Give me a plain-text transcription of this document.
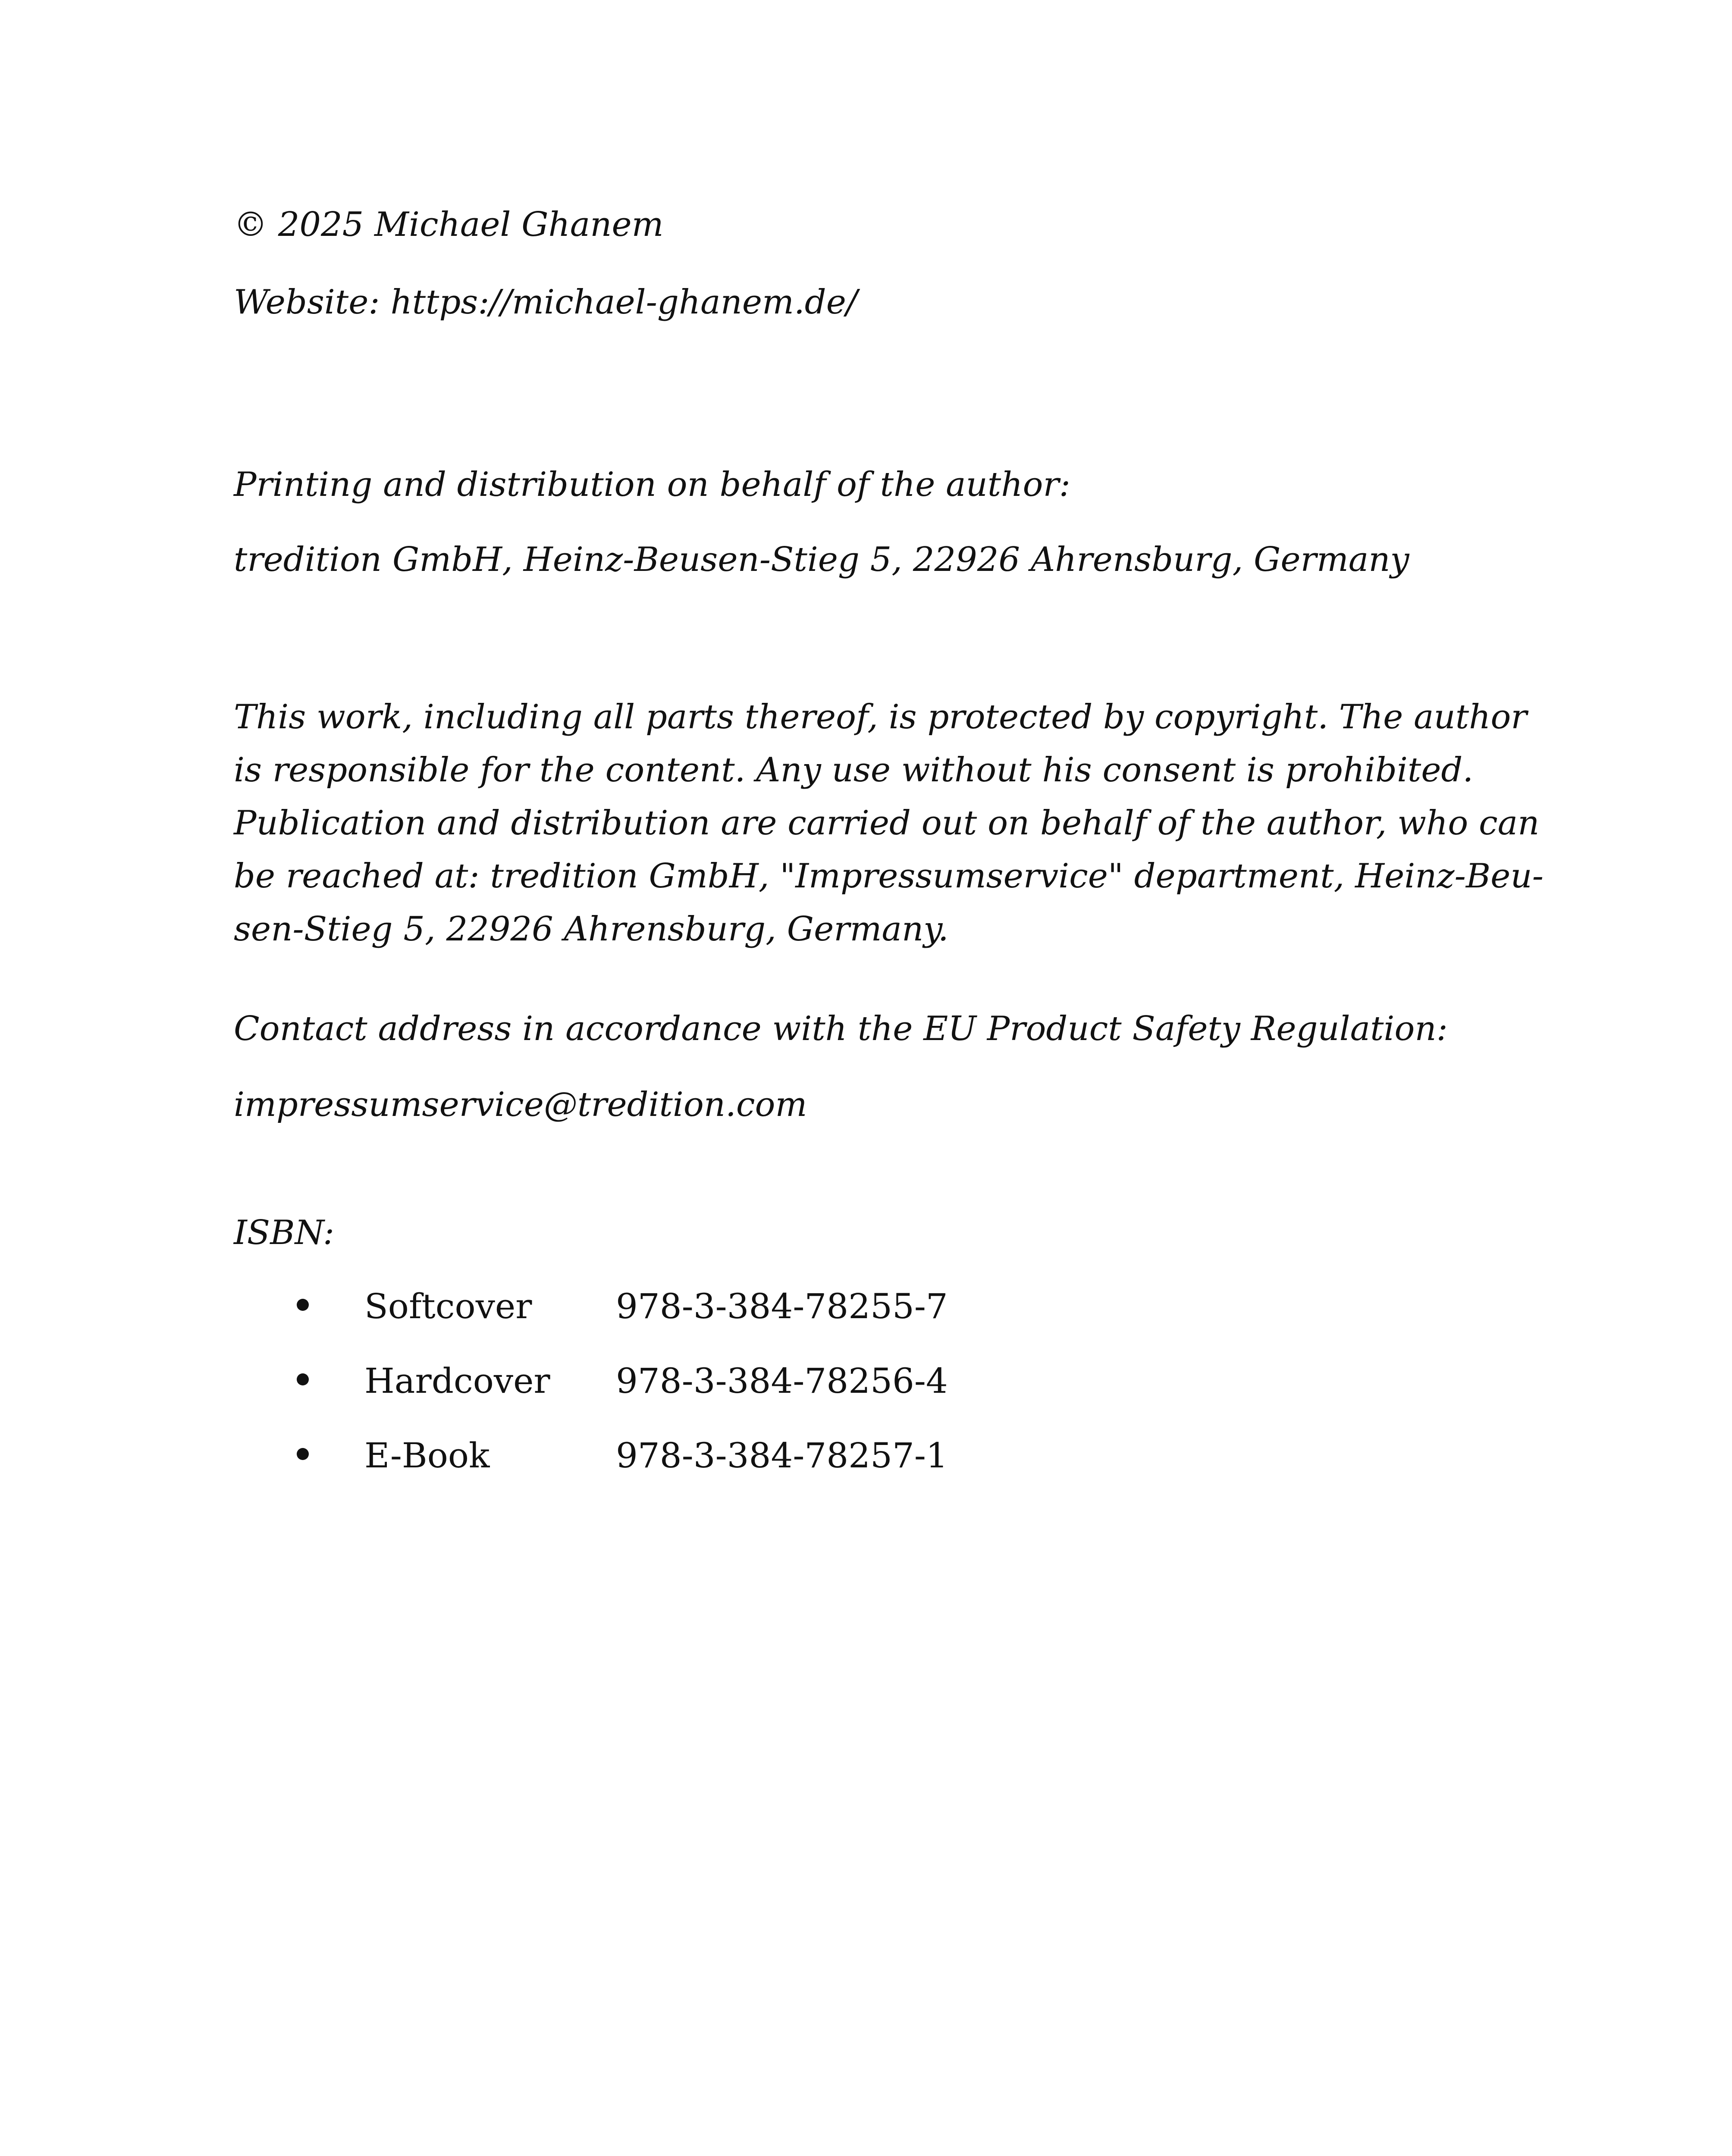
© 2025 Michael Ghanem

Website: https://michael-ghanem.de/

Printing and distribution on behalf of the author:

tredition GmbH, Heinz-Beusen-Stieg 5, 22926 Ahrensburg, Germany

This work, including all parts thereof, is protected by copyright. The author
is responsible for the content. Any use without his consent is prohibited.
Publication and distribution are carried out on behalf of the author, who can
be reached at: tredition GmbH, "Impressumservice" department, Heinz-Beu-
sen-Stieg 5, 22926 Ahrensburg, Germany.

Contact address in accordance with the EU Product Safety Regulation:

impressumservice@tredition.com

ISBN:

Softcover 978-3-384-78255-7
Hardcover 978-3-384-78256-4
E-Book	978-3-384-78257-1
